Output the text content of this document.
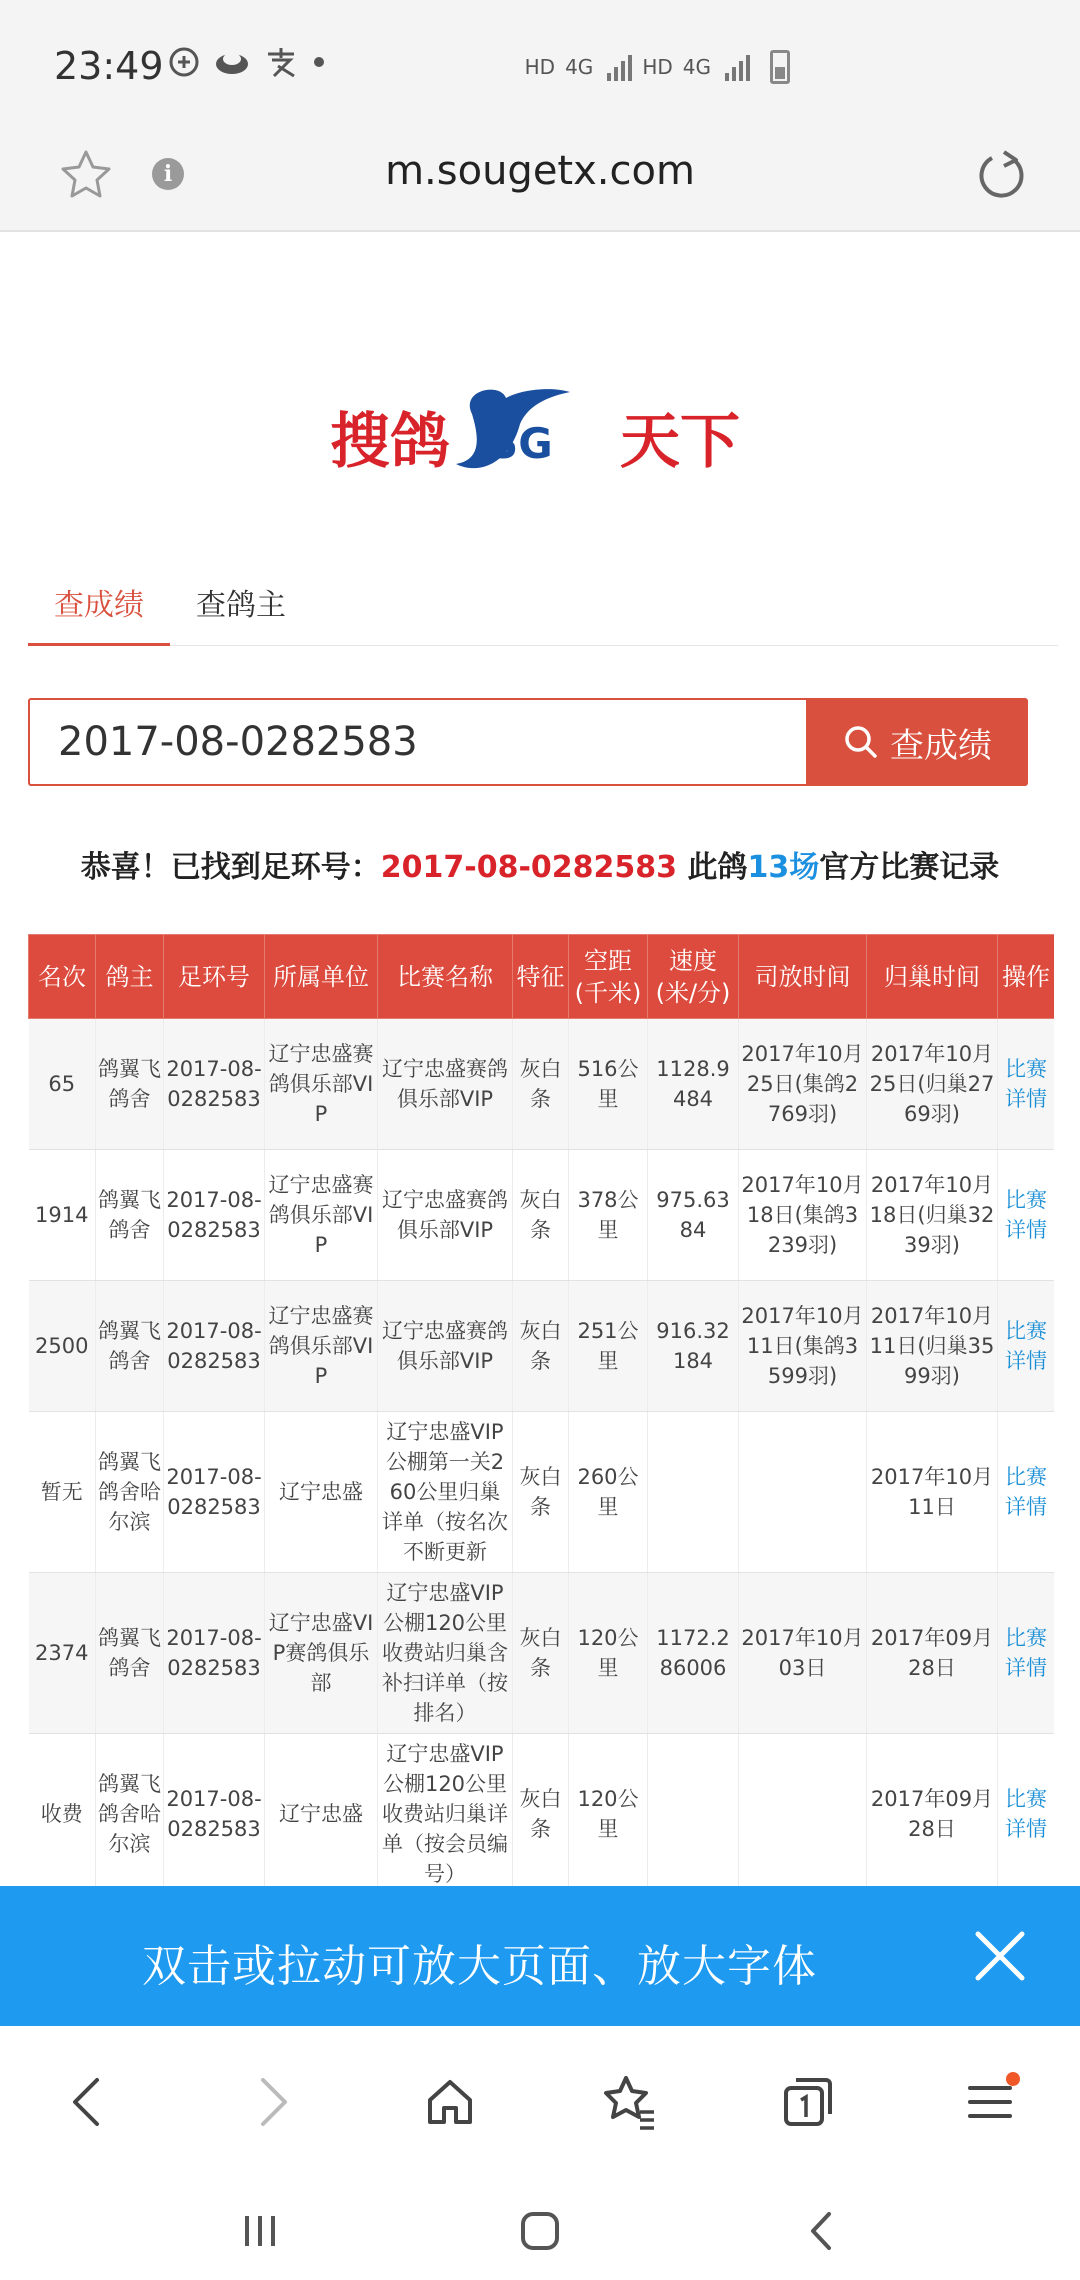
23:49	HD 4G HD 4G
i	m.sougetx.com
搜鸽 SG 天下
查成绩	查鸽主
2017-08-0282583
查成绩
恭喜！已找到足环号：2017-08-0282583 此鸽13场官方比赛记录
名次	鸽主	足环号	所属单位	比赛名称	特征	空距(千米)	速度(米/分)	司放时间	归巢时间	操作
65	鸽翼飞鸽舍	2017-08-0282583	辽宁忠盛赛鸽俱乐部VIP	辽宁忠盛赛鸽俱乐部VIP	灰白条	516公里	1128.9484	2017年10月25日(集鸽2769羽)	2017年10月25日(归巢2769羽)	比赛详情
1914	鸽翼飞鸽舍	2017-08-0282583	辽宁忠盛赛鸽俱乐部VIP	辽宁忠盛赛鸽俱乐部VIP	灰白条	378公里	975.6384	2017年10月18日(集鸽3239羽)	2017年10月18日(归巢3239羽)	比赛详情
2500	鸽翼飞鸽舍	2017-08-0282583	辽宁忠盛赛鸽俱乐部VIP	辽宁忠盛赛鸽俱乐部VIP	灰白条	251公里	916.32184	2017年10月11日(集鸽3599羽)	2017年10月11日(归巢3599羽)	比赛详情
暂无	鸽翼飞鸽舍哈尔滨	2017-08-0282583	辽宁忠盛	辽宁忠盛VIP公棚第一关260公里归巢详单（按名次不断更新	灰白条	260公里			2017年10月11日	比赛详情
2374	鸽翼飞鸽舍	2017-08-0282583	辽宁忠盛VIP赛鸽俱乐部	辽宁忠盛VIP公棚120公里收费站归巢含补扫详单（按排名）	灰白条	120公里	1172.286006	2017年10月03日	2017年09月28日	比赛详情
收费	鸽翼飞鸽舍哈尔滨	2017-08-0282583	辽宁忠盛	辽宁忠盛VIP公棚120公里收费站归巢详单（按会员编号）	灰白条	120公里			2017年09月28日	比赛详情
双击或拉动可放大页面、放大字体
